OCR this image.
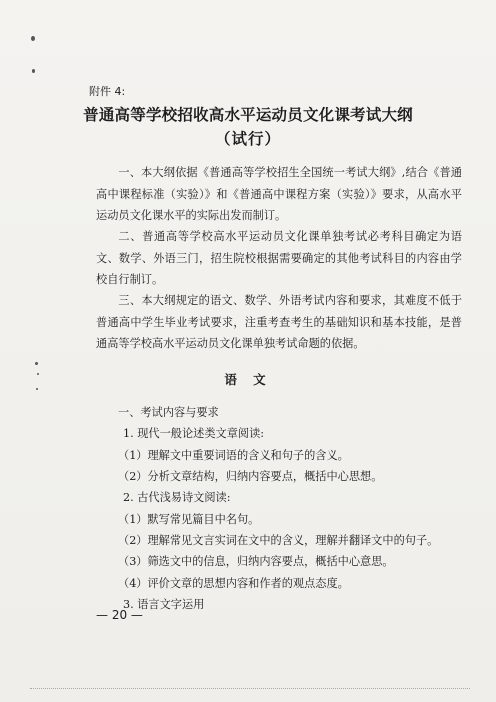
附件 4:
普通高等学校招收高水平运动员文化课考试大纲
（试行）

一、本大纲依据《普通高等学校招生全国统一考试大纲》,结合《普通高中课程标准（实验）》和《普通高中课程方案（实验）》要求，从高水平运动员文化课水平的实际出发而制订。

二、普通高等学校高水平运动员文化课单独考试必考科目确定为语文、数学、外语三门，招生院校根据需要确定的其他考试科目的内容由学校自行制订。

三、本大纲规定的语文、数学、外语考试内容和要求，其难度不低于普通高中学生毕业考试要求，注重考查考生的基础知识和基本技能，是普通高等学校高水平运动员文化课单独考试命题的依据。

语 文
一、考试内容与要求
1. 现代一般论述类文章阅读:
（1）理解文中重要词语的含义和句子的含义。
（2）分析文章结构，归纳内容要点，概括中心思想。
2. 古代浅易诗文阅读:
（1）默写常见篇目中名句。
（2）理解常见文言实词在文中的含义，理解并翻译文中的句子。
（3）筛选文中的信息，归纳内容要点，概括中心意思。
（4）评价文章的思想内容和作者的观点态度。
3. 语言文字运用
— 20 —
